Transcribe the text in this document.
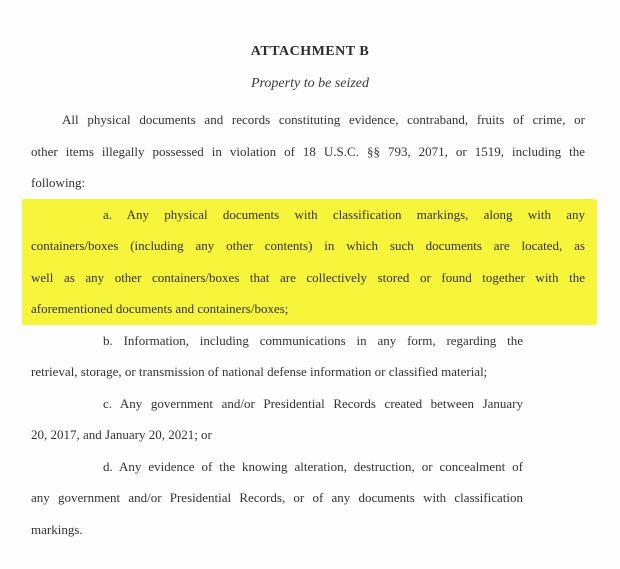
ATTACHMENT B
Property to be seized

All physical documents and records constituting evidence, contraband, fruits of crime, or

other items illegally possessed in violation of 18 U.S.C. §§ 793, 2071, or 1519, including the

following:

a. Any physical documents with classification markings, along with any

containers/boxes (including any other contents) in which such documents are located, as

well as any other containers/boxes that are collectively stored or found together with the

aforementioned documents and containers/boxes;

b. Information, including communications in any form, regarding the

retrieval, storage, or transmission of national defense information or classified material;

c. Any government and/or Presidential Records created between January

20, 2017, and January 20, 2021; or

d. Any evidence of the knowing alteration, destruction, or concealment of

any government and/or Presidential Records, or of any documents with classification

markings.
